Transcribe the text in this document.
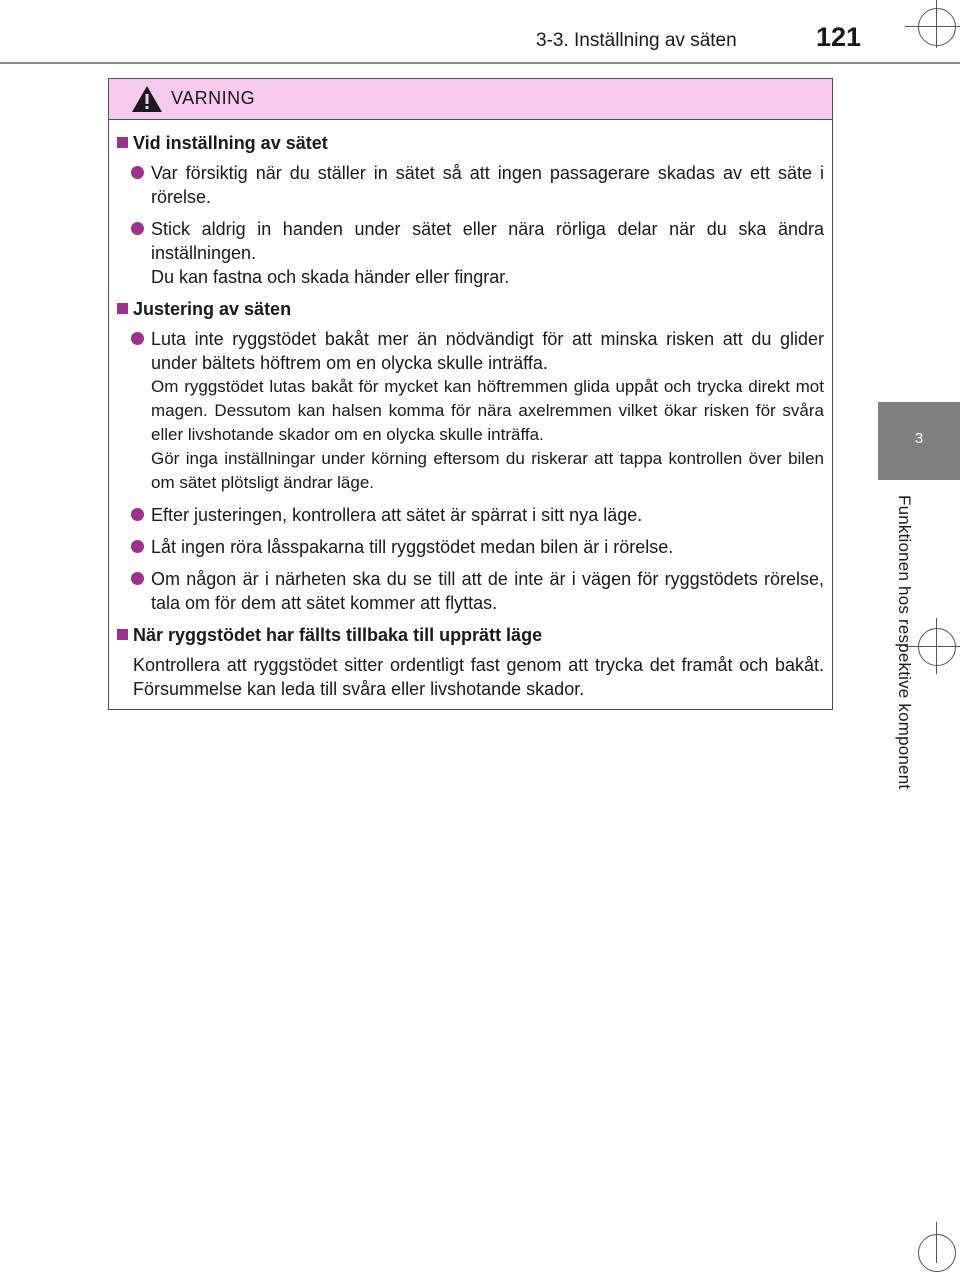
3-3. Inställning av säten	121
3
Funktionen hos respektive komponent
VARNING
Vid inställning av sätet

Var försiktig när du ställer in sätet så att ingen passagerare skadas av ett säte i rörelse.

Stick aldrig in handen under sätet eller nära rörliga delar när du ska ändra inställningen.

Du kan fastna och skada händer eller fingrar.

Justering av säten

Luta inte ryggstödet bakåt mer än nödvändigt för att minska risken att du glider under bältets höftrem om en olycka skulle inträffa.

Om ryggstödet lutas bakåt för mycket kan höftremmen glida uppåt och trycka direkt mot magen. Dessutom kan halsen komma för nära axelremmen vilket ökar risken för svåra eller livshotande skador om en olycka skulle inträffa.

Gör inga inställningar under körning eftersom du riskerar att tappa kontrollen över bilen om sätet plötsligt ändrar läge.

Efter justeringen, kontrollera att sätet är spärrat i sitt nya läge.

Låt ingen röra låsspakarna till ryggstödet medan bilen är i rörelse.

Om någon är i närheten ska du se till att de inte är i vägen för ryggstödets rörelse, tala om för dem att sätet kommer att flyttas.

När ryggstödet har fällts tillbaka till upprätt läge
Kontrollera att ryggstödet sitter ordentligt fast genom att trycka det framåt och bakåt. Försummelse kan leda till svåra eller livshotande skador.
